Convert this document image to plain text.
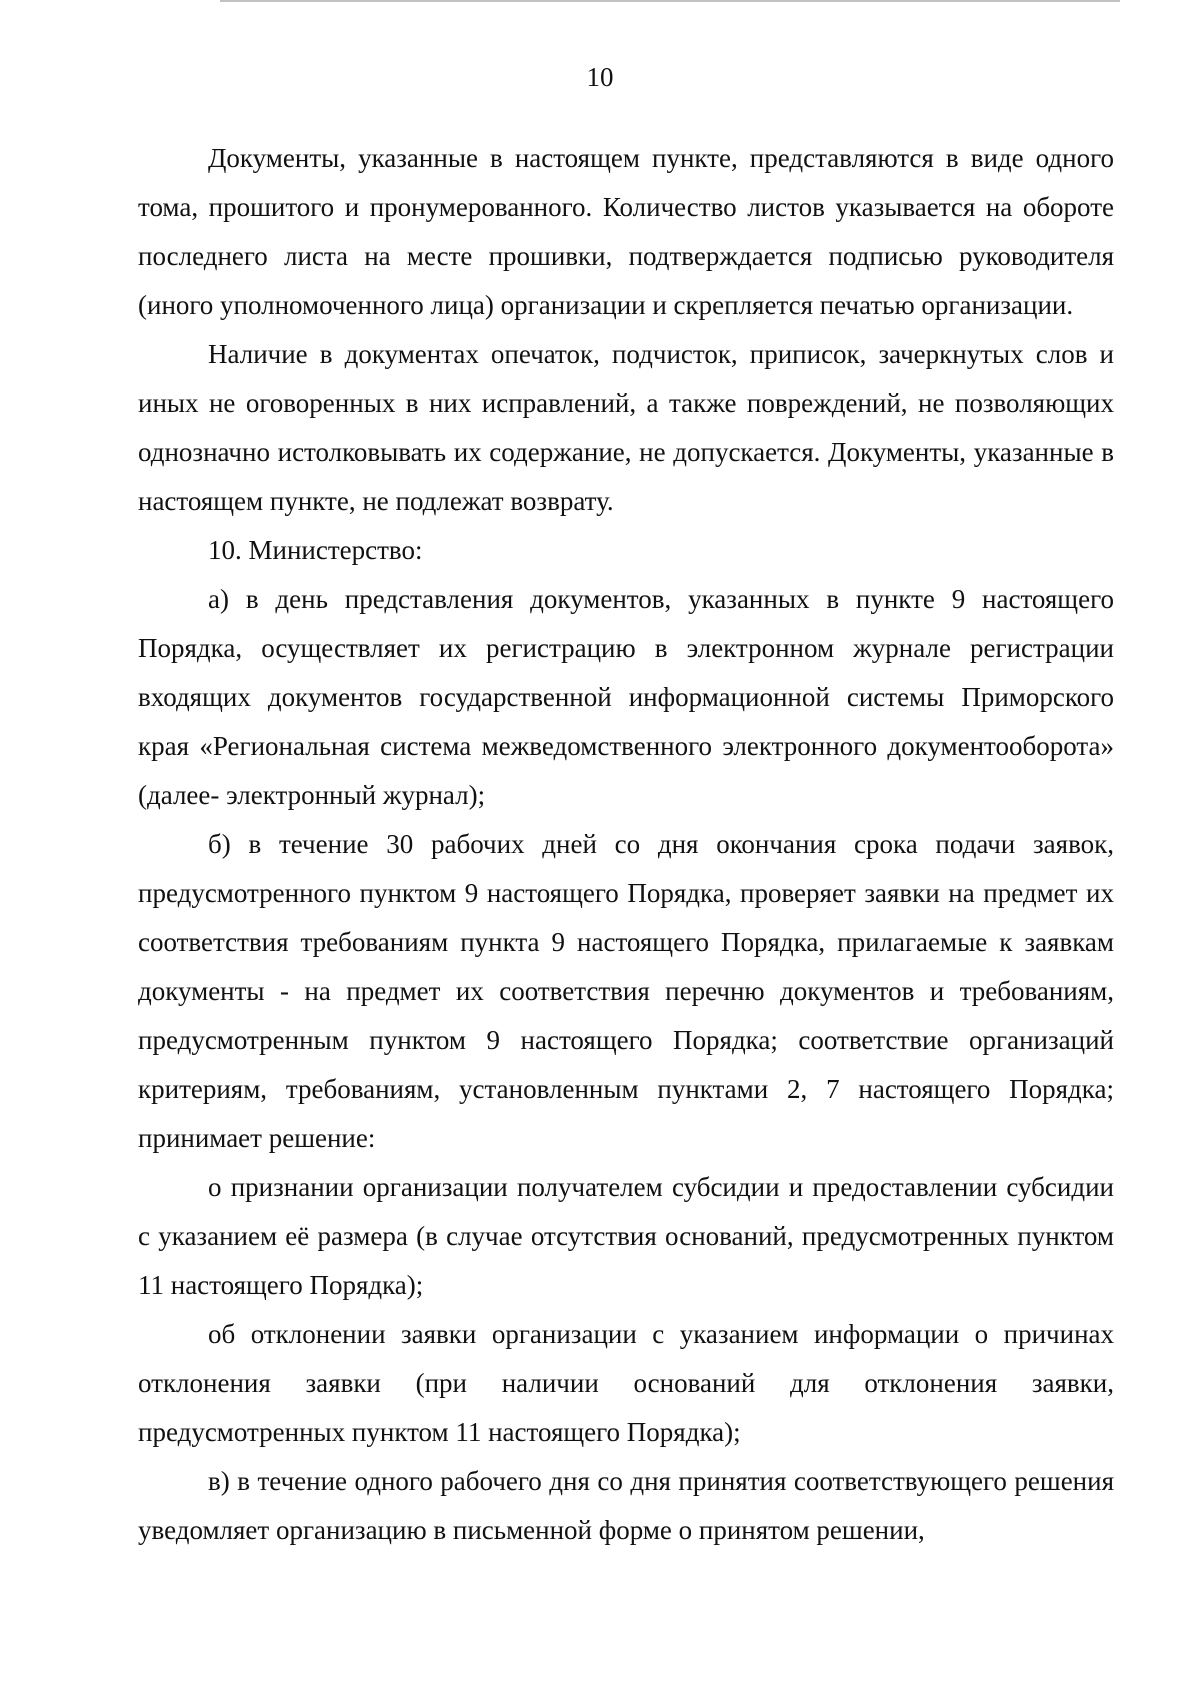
10

Документы, указанные в настоящем пункте, представляются в виде одного тома, прошитого и пронумерованного. Количество листов указывается на обороте последнего листа на месте прошивки, подтверждается подписью руководителя (иного уполномоченного лица) организации и скрепляется печатью организации.

Наличие в документах опечаток, подчисток, приписок, зачеркнутых слов и иных не оговоренных в них исправлений, а также повреждений, не позволяющих однозначно истолковывать их содержание, не допускается. Документы, указанные в настоящем пункте, не подлежат возврату.

10. Министерство:

а) в день представления документов, указанных в пункте 9 настоящего Порядка, осуществляет их регистрацию в электронном журнале регистрации входящих документов государственной информационной системы Приморского края «Региональная система межведомственного электронного документооборота» (далее- электронный журнал);

б) в течение 30 рабочих дней со дня окончания срока подачи заявок, предусмотренного пунктом 9 настоящего Порядка, проверяет заявки на предмет их соответствия требованиям пункта 9 настоящего Порядка, прилагаемые к заявкам документы - на предмет их соответствия перечню документов и требованиям, предусмотренным пунктом 9 настоящего Порядка; соответствие организаций критериям, требованиям, установленным пунктами 2, 7 настоящего Порядка; принимает решение:

о признании организации получателем субсидии и предоставлении субсидии с указанием её размера (в случае отсутствия оснований, предусмотренных пунктом 11 настоящего Порядка);

об отклонении заявки организации с указанием информации о причинах отклонения заявки (при наличии оснований для отклонения заявки, предусмотренных пунктом 11 настоящего Порядка);

в) в течение одного рабочего дня со дня принятия соответствующего решения уведомляет организацию в письменной форме о принятом решении,
